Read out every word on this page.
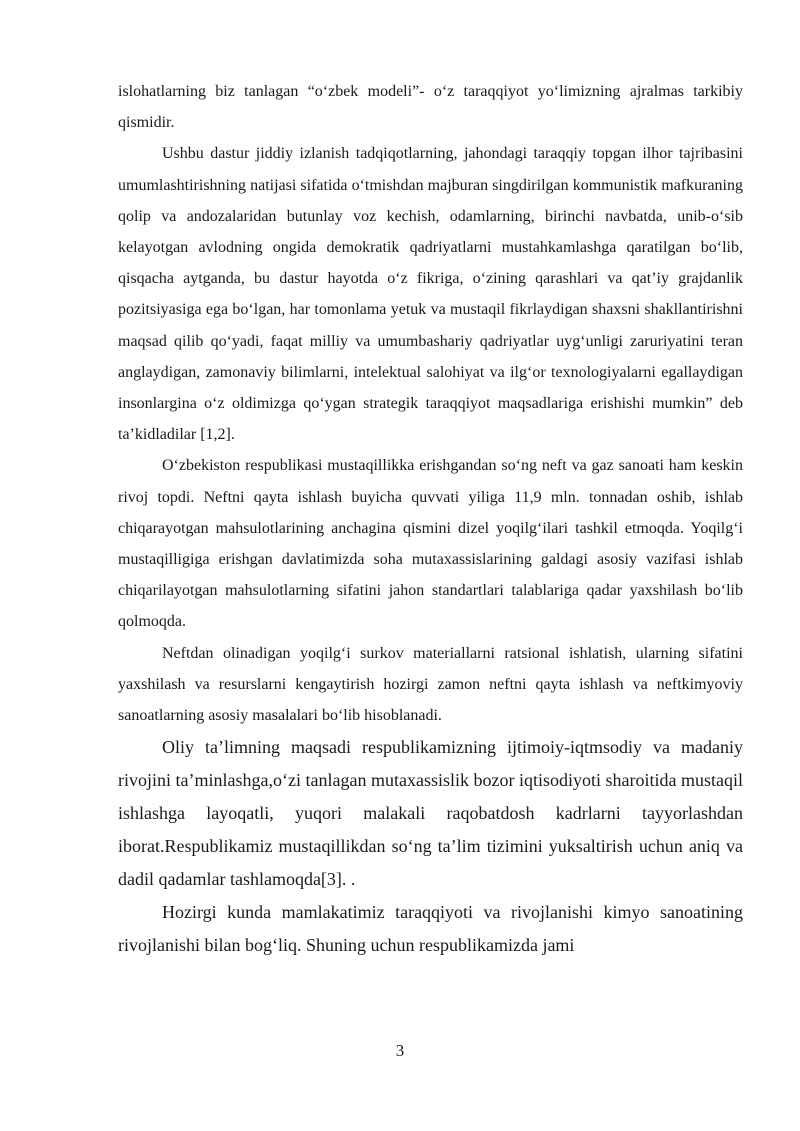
islohatlarning biz tanlagan “o‘zbek modeli”- o‘z taraqqiyot yo‘limizning ajralmas tarkibiy qismidir.

Ushbu dastur jiddiy izlanish tadqiqotlarning, jahondagi taraqqiy topgan ilhor tajribasini umumlashtirishning natijasi sifatida o‘tmishdan majburan singdirilgan kommunistik mafkuraning qolip va andozalaridan butunlay voz kechish, odamlarning, birinchi navbatda, unib-o‘sib kelayotgan avlodning ongida demokratik qadriyatlarni mustahkamlashga qaratilgan bo‘lib, qisqacha aytganda, bu dastur hayotda o‘z fikriga, o‘zining qarashlari va qat’iy grajdanlik pozitsiyasiga ega bo‘lgan, har tomonlama yetuk va mustaqil fikrlaydigan shaxsni shakllantirishni maqsad qilib qo‘yadi, faqat milliy va umumbashariy qadriyatlar uyg‘unligi zaruriyatini teran anglaydigan, zamonaviy bilimlarni, intelektual salohiyat va ilg‘or texnologiyalarni egallaydigan insonlargina o‘z oldimizga qo‘ygan strategik taraqqiyot maqsadlariga erishishi mumkin” deb ta’kidladilar [1,2].

O‘zbekiston respublikasi mustaqillikka erishgandan so‘ng neft va gaz sanoati ham keskin rivoj topdi. Neftni qayta ishlash buyicha quvvati yiliga 11,9 mln. tonnadan oshib, ishlab chiqarayotgan mahsulotlarining anchagina qismini dizel yoqilg‘ilari tashkil etmoqda. Yoqilg‘i mustaqilligiga erishgan davlatimizda soha mutaxassislarining galdagi asosiy vazifasi ishlab chiqarilayotgan mahsulotlarning sifatini jahon standartlari talablariga qadar yaxshilash bo‘lib qolmoqda.

Neftdan olinadigan yoqilg‘i surkov materiallarni ratsional ishlatish, ularning sifatini yaxshilash va resurslarni kengaytirish hozirgi zamon neftni qayta ishlash va neftkimyoviy sanoatlarning asosiy masalalari bo‘lib hisoblanadi.

Oliy ta’limning maqsadi respublikamizning ijtimoiy-iqtmsodiy va madaniy rivojini ta’minlashga,o‘zi tanlagan mutaxassislik bozor iqtisodiyoti sharoitida mustaqil ishlashga layoqatli, yuqori malakali raqobatdosh kadrlarni tayyorlashdan iborat.Respublikamiz mustaqillikdan so‘ng ta’lim tizimini yuksaltirish uchun aniq va dadil qadamlar tashlamoqda[3]. .

Hozirgi kunda mamlakatimiz taraqqiyoti va rivojlanishi kimyo sanoatining rivojlanishi bilan bog‘liq. Shuning uchun respublikamizda jami

3
